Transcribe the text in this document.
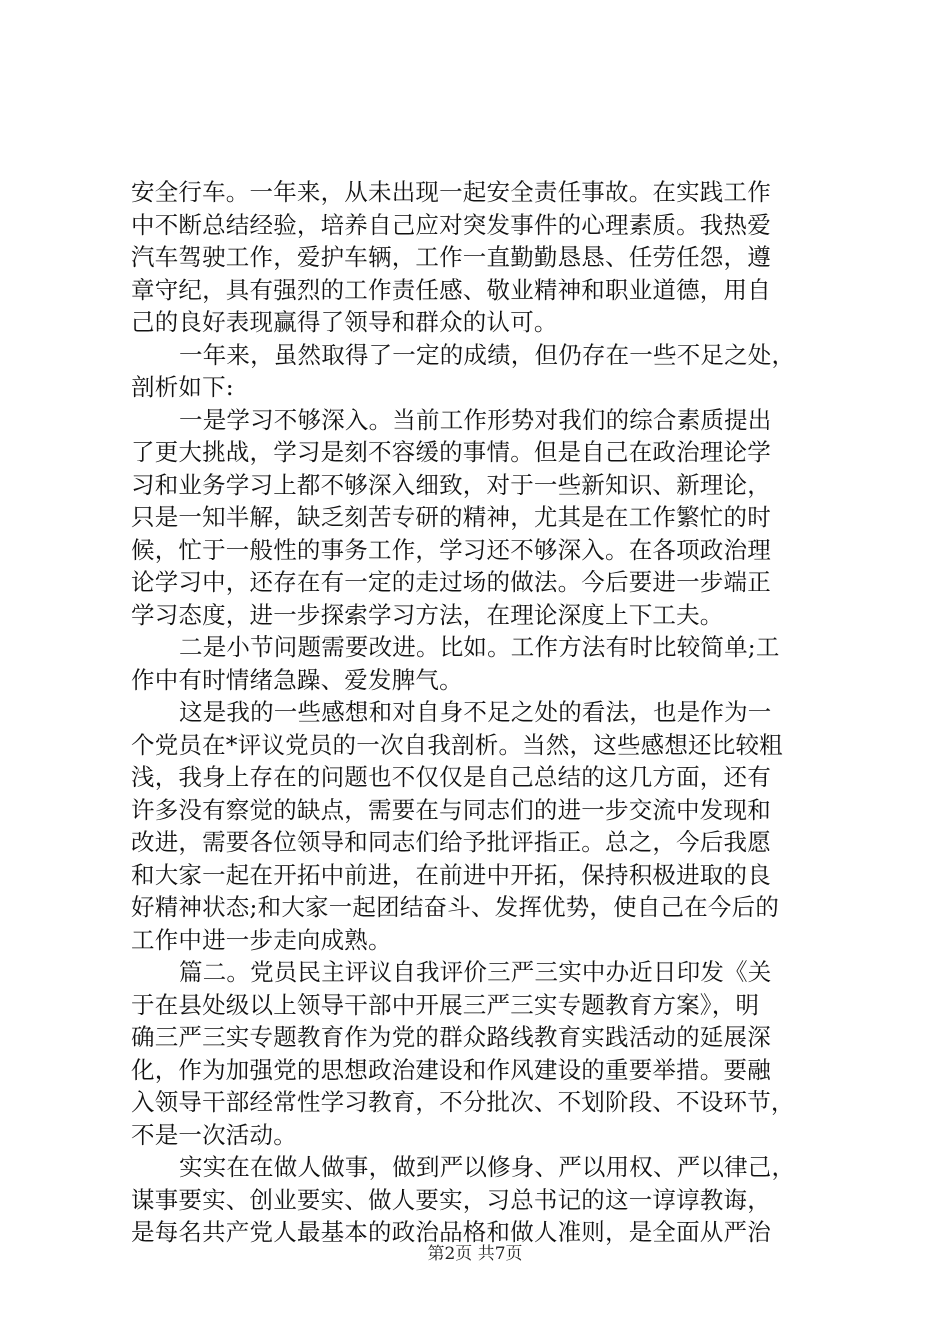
安全行车。一年来，从未出现一起安全责任事故。在实践工作
中不断总结经验，培养自己应对突发事件的心理素质。我热爱
汽车驾驶工作，爱护车辆，工作一直勤勤恳恳、任劳任怨，遵
章守纪，具有强烈的工作责任感、敬业精神和职业道德，用自
己的良好表现赢得了领导和群众的认可。
一年来，虽然取得了一定的成绩，但仍存在一些不足之处，
剖析如下:
一是学习不够深入。当前工作形势对我们的综合素质提出
了更大挑战，学习是刻不容缓的事情。但是自己在政治理论学
习和业务学习上都不够深入细致，对于一些新知识、新理论，
只是一知半解，缺乏刻苦专研的精神，尤其是在工作繁忙的时
候，忙于一般性的事务工作，学习还不够深入。在各项政治理
论学习中，还存在有一定的走过场的做法。今后要进一步端正
学习态度，进一步探索学习方法，在理论深度上下工夫。
二是小节问题需要改进。比如。工作方法有时比较简单;工
作中有时情绪急躁、爱发脾气。
这是我的一些感想和对自身不足之处的看法，也是作为一
个党员在*评议党员的一次自我剖析。当然，这些感想还比较粗
浅，我身上存在的问题也不仅仅是自己总结的这几方面，还有
许多没有察觉的缺点，需要在与同志们的进一步交流中发现和
改进，需要各位领导和同志们给予批评指正。总之，今后我愿
和大家一起在开拓中前进，在前进中开拓，保持积极进取的良
好精神状态;和大家一起团结奋斗、发挥优势，使自己在今后的
工作中进一步走向成熟。
篇二。党员民主评议自我评价三严三实中办近日印发《关
于在县处级以上领导干部中开展三严三实专题教育方案》，明
确三严三实专题教育作为党的群众路线教育实践活动的延展深
化，作为加强党的思想政治建设和作风建设的重要举措。要融
入领导干部经常性学习教育，不分批次、不划阶段、不设环节，
不是一次活动。
实实在在做人做事，做到严以修身、严以用权、严以律己，
谋事要实、创业要实、做人要实，习总书记的这一谆谆教诲，
是每名共产党人最基本的政治品格和做人准则，是全面从严治
第2页 共7页
